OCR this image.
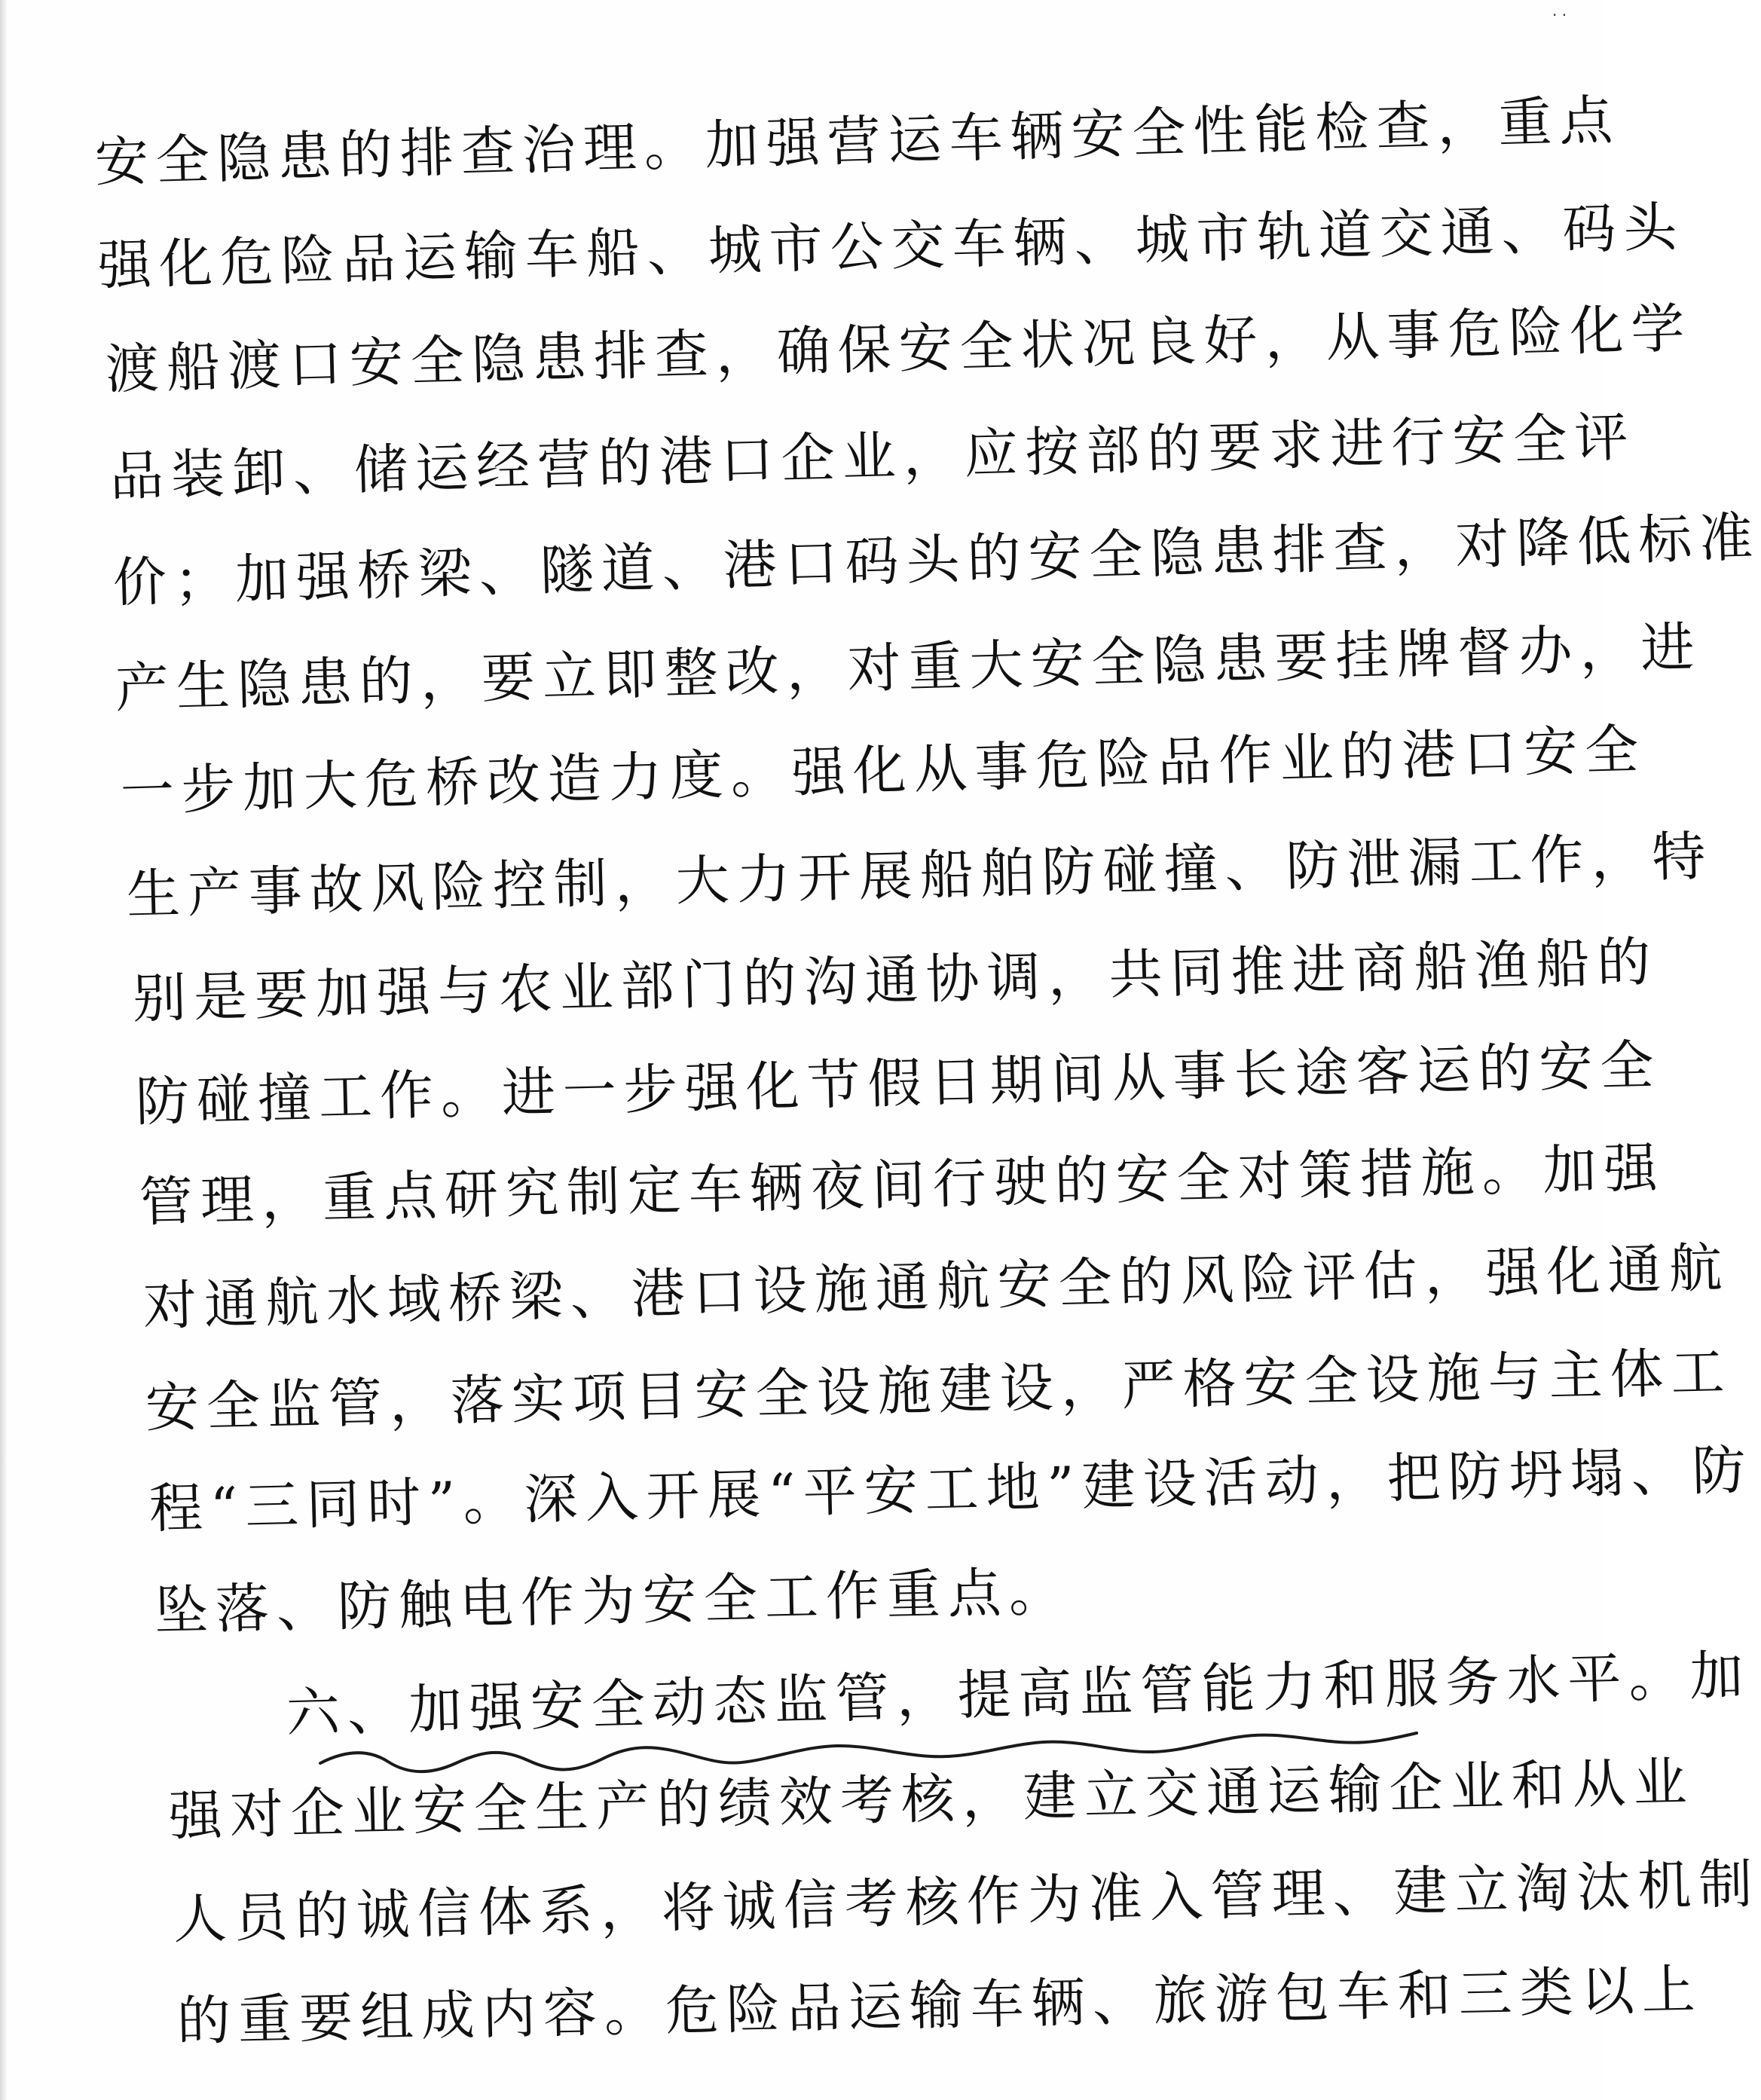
· ·
安全隐患的排查治理。加强营运车辆安全性能检查，重点
强化危险品运输车船、城市公交车辆、城市轨道交通、码头
渡船渡口安全隐患排查，确保安全状况良好，从事危险化学
品装卸、储运经营的港口企业，应按部的要求进行安全评
价；加强桥梁、隧道、港口码头的安全隐患排查，对降低标准
产生隐患的，要立即整改，对重大安全隐患要挂牌督办，进
一步加大危桥改造力度。强化从事危险品作业的港口安全
生产事故风险控制，大力开展船舶防碰撞、防泄漏工作，特
别是要加强与农业部门的沟通协调，共同推进商船渔船的
防碰撞工作。进一步强化节假日期间从事长途客运的安全
管理，重点研究制定车辆夜间行驶的安全对策措施。加强
对通航水域桥梁、港口设施通航安全的风险评估，强化通航
安全监管，落实项目安全设施建设，严格安全设施与主体工
程“三同时”。深入开展“平安工地”建设活动，把防坍塌、防
坠落、防触电作为安全工作重点。
六、加强安全动态监管，提高监管能力和服务水平。加
强对企业安全生产的绩效考核，建立交通运输企业和从业
人员的诚信体系，将诚信考核作为准入管理、建立淘汰机制
的重要组成内容。危险品运输车辆、旅游包车和三类以上
